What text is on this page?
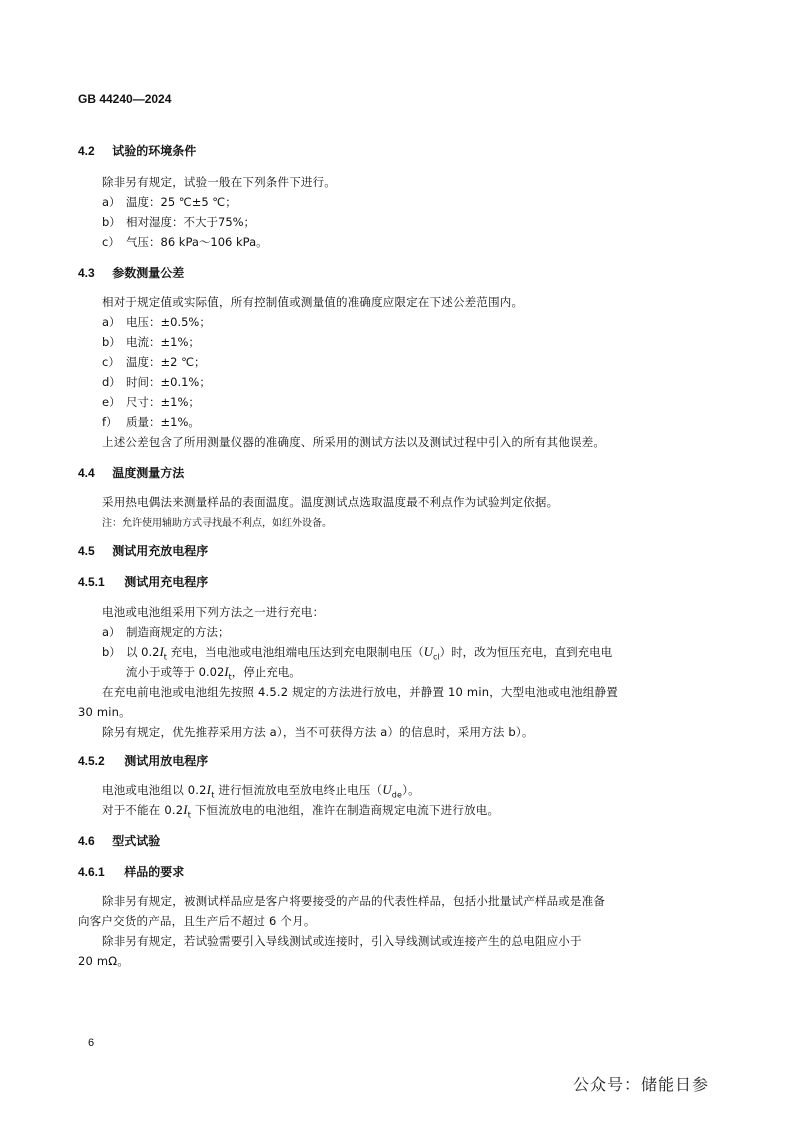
GB 44240—2024
4.2 试验的环境条件
除非另有规定，试验一般在下列条件下进行。
a） 温度：25 ℃±5 ℃；
b） 相对湿度：不大于75%；
c） 气压：86 kPa～106 kPa。
4.3 参数测量公差
相对于规定值或实际值，所有控制值或测量值的准确度应限定在下述公差范围内。
a） 电压：±0.5%；
b） 电流：±1%；
c） 温度：±2 ℃；
d） 时间：±0.1%；
e） 尺寸：±1%；
f） 质量：±1%。
上述公差包含了所用测量仪器的准确度、所采用的测试方法以及测试过程中引入的所有其他误差。
4.4 温度测量方法
采用热电偶法来测量样品的表面温度。温度测试点选取温度最不利点作为试验判定依据。
注：允许使用辅助方式寻找最不利点，如红外设备。
4.5 测试用充放电程序
4.5.1 测试用充电程序
电池或电池组采用下列方法之一进行充电：
a） 制造商规定的方法；
b） 以 $0.2I_t$ 充电，当电池或电池组端电压达到充电限制电压$(U_{cl})$时，改为恒压充电，直到充电电
流小于或等于 $0.02I_t$，停止充电。
在充电前电池或电池组先按照 4.5.2 规定的方法进行放电，并静置 10 min，大型电池或电池组静置
30 min。
除另有规定，优先推荐采用方法 a），当不可获得方法 a）的信息时，采用方法 b）。
4.5.2 测试用放电程序
电池或电池组以 $0.2I_t$ 进行恒流放电至放电终止电压$(U_{de})$。
对于不能在 $0.2I_t$ 下恒流放电的电池组，准许在制造商规定电流下进行放电。
4.6 型式试验
4.6.1 样品的要求
除非另有规定，被测试样品应是客户将要接受的产品的代表性样品，包括小批量试产样品或是准备
向客户交货的产品，且生产后不超过 6 个月。
除非另有规定，若试验需要引入导线测试或连接时，引入导线测试或连接产生的总电阻应小于
20 mΩ。
6
公众号：储能日参
